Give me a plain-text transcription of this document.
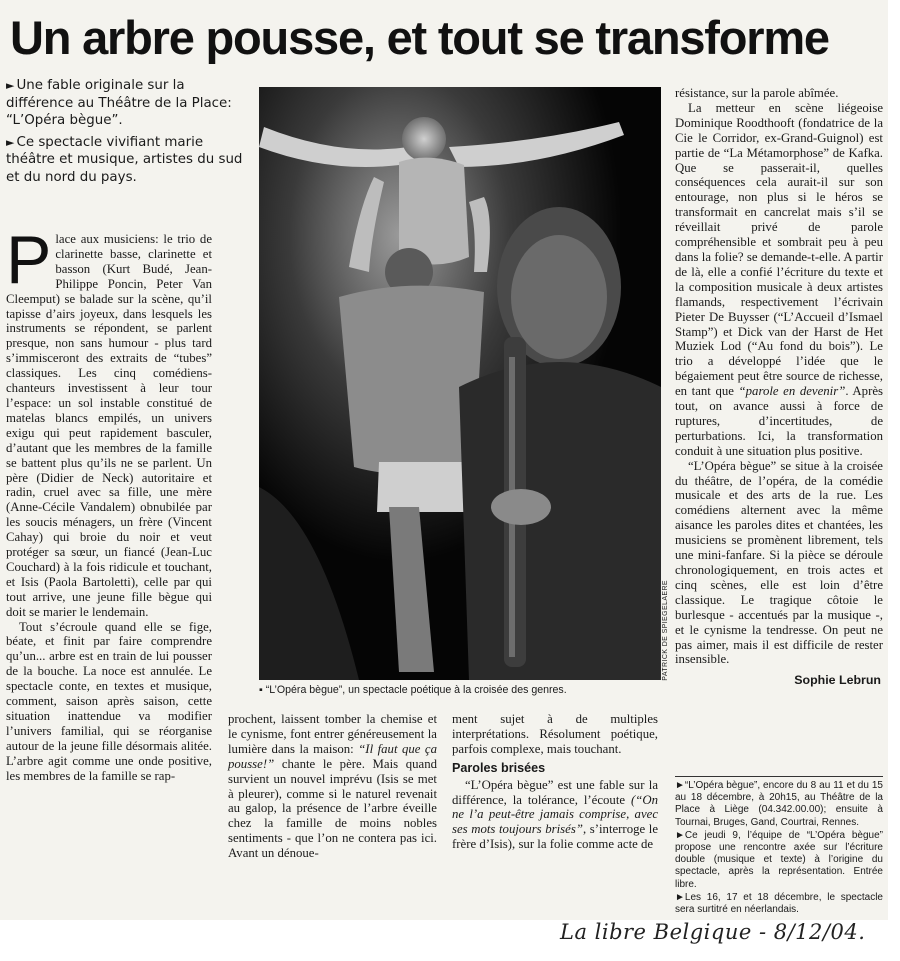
Un arbre pousse, et tout se transforme

► Une fable originale sur la différence au Théâtre de la Place: “L’Opéra bègue”.

► Ce spectacle vivifiant marie théâtre et musique, artistes du sud et du nord du pays.

Place aux musiciens: le trio de clarinette basse, clarinette et basson (Kurt Budé, Jean-Philippe Poncin, Peter Van Cleemput) se balade sur la scène, qu’il tapisse d’airs joyeux, dans lesquels les instruments se répondent, se parlent presque, non sans humour - plus tard s’immisceront des extraits de “tubes” classiques. Les cinq comédiens-chanteurs investissent à leur tour l’espace: un sol instable constitué de matelas blancs empilés, un univers exigu qui peut rapidement basculer, d’autant que les membres de la famille se battent plus qu’ils ne se parlent. Un père (Didier de Neck) autoritaire et radin, cruel avec sa fille, une mère (Anne-Cécile Vandalem) obnubilée par les soucis ménagers, un frère (Vincent Cahay) qui broie du noir et veut protéger sa sœur, un fiancé (Jean-Luc Couchard) à la fois ridicule et touchant, et Isis (Paola Bartoletti), celle par qui tout arrive, une jeune fille bègue qui doit se marier le lendemain.

Tout s’écroule quand elle se fige, béate, et finit par faire comprendre qu’un... arbre est en train de lui pousser de la bouche. La noce est annulée. Le spectacle conte, en textes et musique, comment, saison après saison, cette situation inattendue va modifier l’univers familial, qui se réorganise autour de la jeune fille désormais alitée. L’arbre agit comme une onde positive, les membres de la famille se rap-

PATRICK DE SPIEGELAERE
▪ “L’Opéra bègue”, un spectacle poétique à la croisée des genres.

prochent, laissent tomber la chemise et le cynisme, font entrer généreusement la lumière dans la maison: “Il faut que ça pousse!” chante le père. Mais quand survient un nouvel imprévu (Isis se met à pleurer), comme si le naturel revenait au galop, la présence de l’arbre éveille chez la famille de moins nobles sentiments - que l’on ne contera pas ici. Avant un dénoue-

ment sujet à de multiples interprétations. Résolument poétique, parfois complexe, mais touchant.

Paroles brisées

“L’Opéra bègue” est une fable sur la différence, la tolérance, l’écoute (“On ne l’a peut-être jamais comprise, avec ses mots toujours brisés”, s’interroge le frère d’Isis), sur la folie comme acte de

résistance, sur la parole abîmée.

La metteur en scène liégeoise Dominique Roodthooft (fondatrice de la Cie le Corridor, ex-Grand-Guignol) est partie de “La Métamorphose” de Kafka. Que se passerait-il, quelles conséquences cela aurait-il sur son entourage, non plus si le héros se transformait en cancrelat mais s’il se réveillait privé de parole compréhensible et sombrait peu à peu dans la folie? se demande-t-elle. A partir de là, elle a confié l’écriture du texte et la composition musicale à deux artistes flamands, respectivement l’écrivain Pieter De Buysser (“L’Accueil d’Ismael Stamp”) et Dick van der Harst de Het Muziek Lod (“Au fond du bois”). Le trio a développé l’idée que le bégaiement peut être source de richesse, en tant que “parole en devenir”. Après tout, on avance aussi à force de ruptures, d’incertitudes, de perturbations. Ici, la transformation conduit à une situation plus positive.

“L’Opéra bègue” se situe à la croisée du théâtre, de l’opéra, de la comédie musicale et des arts de la rue. Les comédiens alternent avec la même aisance les paroles dites et chantées, les musiciens se promènent librement, tels une mini-fanfare. Si la pièce se déroule chronologiquement, en trois actes et cinq scènes, elle est loin d’être classique. Le tragique côtoie le burlesque - accentués par la musique -, et le cynisme la tendresse. On peut ne pas aimer, mais il est difficile de rester insensible.

Sophie Lebrun

►“L’Opéra bègue”, encore du 8 au 11 et du 15 au 18 décembre, à 20h15, au Théâtre de la Place à Liège (04.342.00.00); ensuite à Tournai, Bruges, Gand, Courtrai, Rennes.

►Ce jeudi 9, l’équipe de “L’Opéra bègue” propose une rencontre axée sur l’écriture double (musique et texte) à l’origine du spectacle, après la représentation. Entrée libre.

►Les 16, 17 et 18 décembre, le spectacle sera surtitré en néerlandais.

La libre Belgique - 8/12/04.
